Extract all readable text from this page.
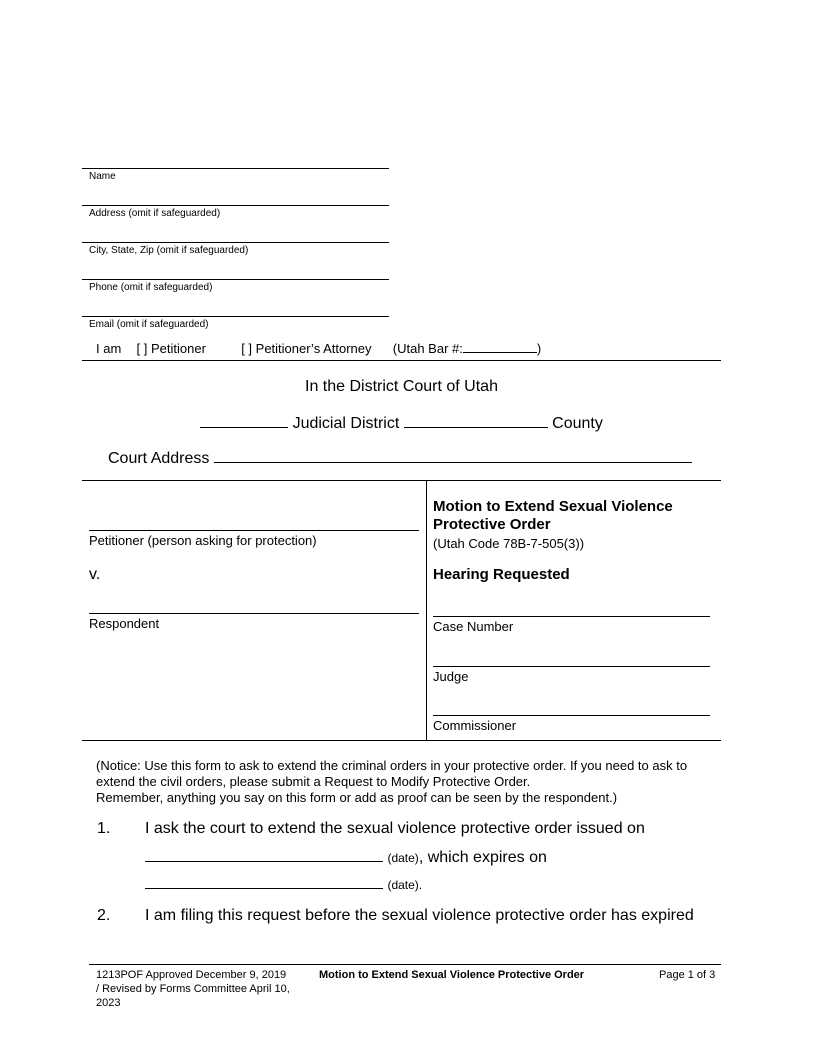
Name
Address (omit if safeguarded)
City, State, Zip (omit if safeguarded)
Phone (omit if safeguarded)
Email (omit if safeguarded)
I am [ ] Petitioner	[ ] Petitioner’s Attorney (Utah Bar #:	)
In the District Court of Utah
Judicial District	County
Court Address
Petitioner (person asking for protection)
v.
Respondent
Motion to Extend Sexual Violence
Protective Order
(Utah Code 78B-7-505(3))
Hearing Requested
Case Number
Judge
Commissioner
(Notice: Use this form to ask to extend the criminal orders in your protective order. If you need to ask to
extend the civil orders, please submit a Request to Modify Protective Order.
Remember, anything you say on this form or add as proof can be seen by the respondent.)
1. I ask the court to extend the sexual violence protective order issued on
(date), which expires on
(date).
2. I am filing this request before the sexual violence protective order has expired
1213POF Approved December 9, 2019
/ Revised by Forms Committee April 10,
2023
Motion to Extend Sexual Violence Protective Order	Page 1 of 3
